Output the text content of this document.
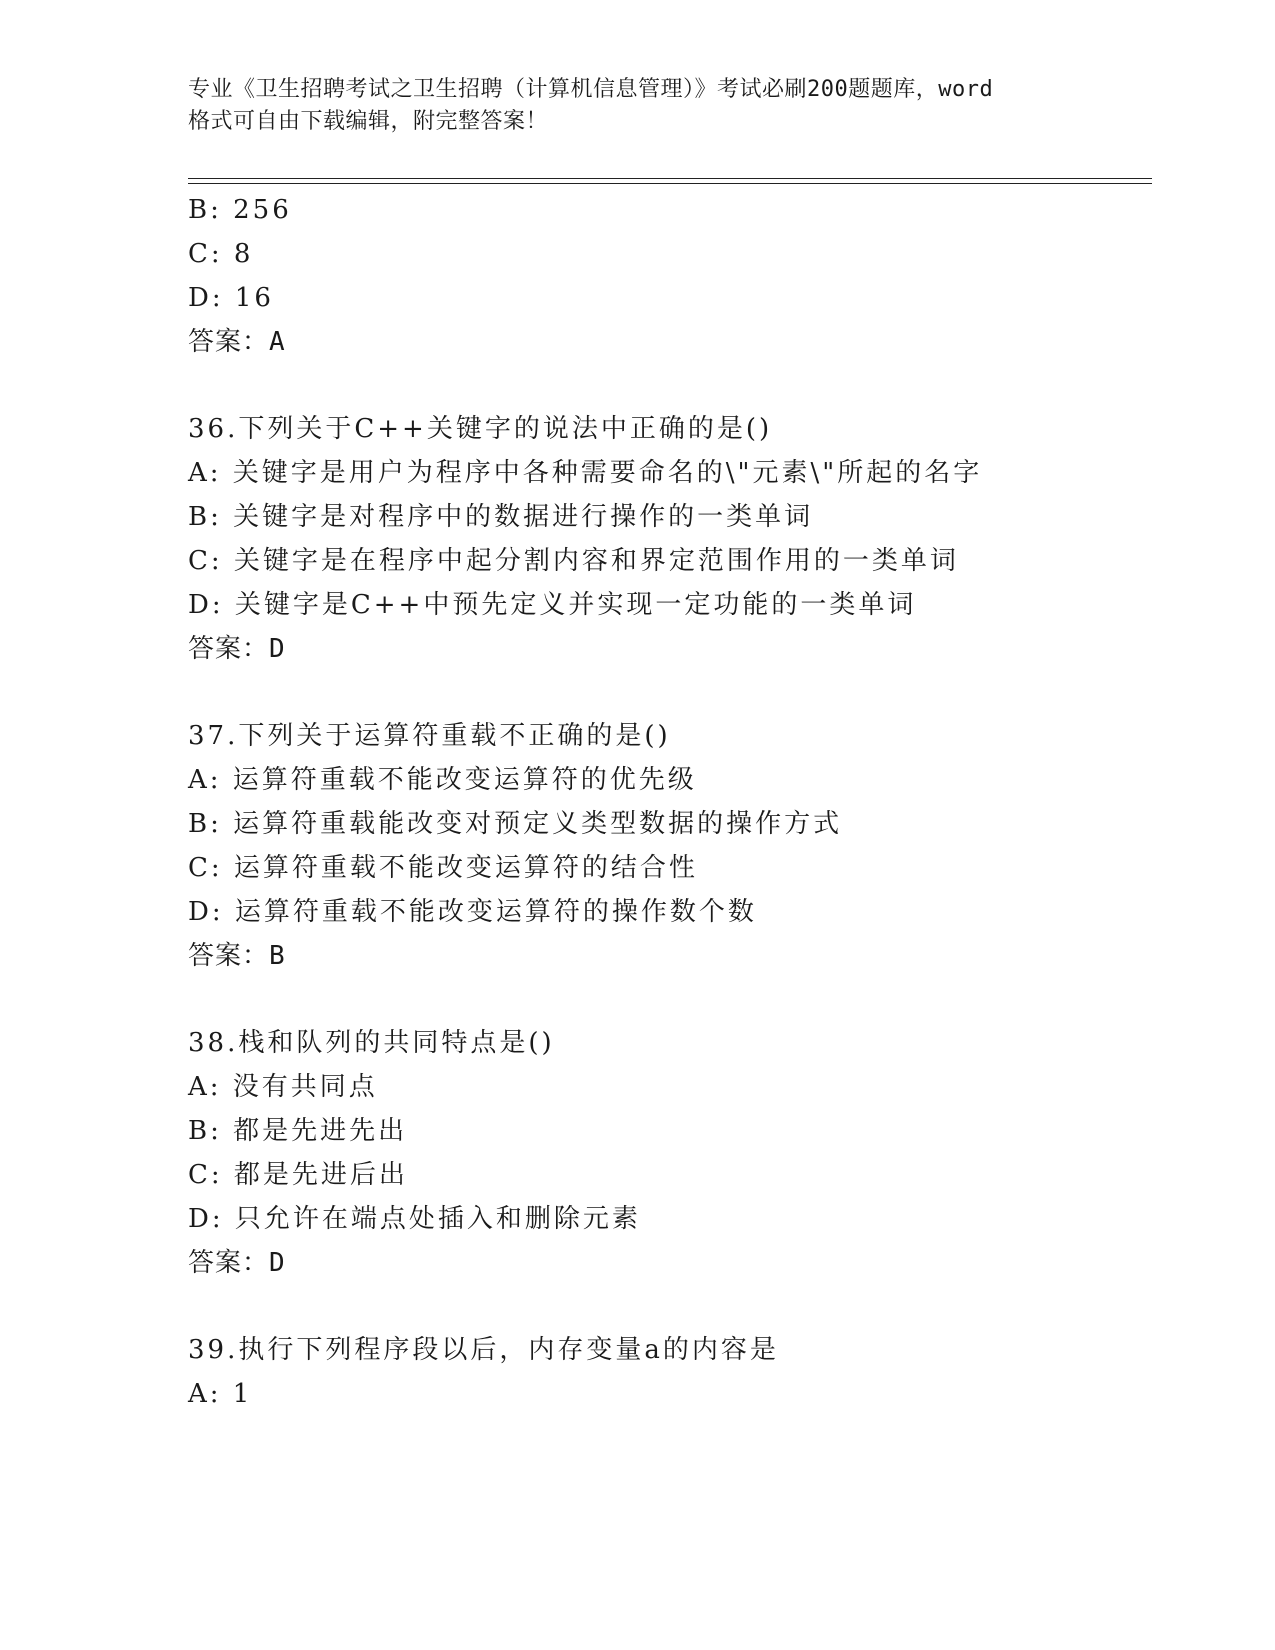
专业《卫生招聘考试之卫生招聘（计算机信息管理）》考试必刷200题题库，word
格式可自由下载编辑，附完整答案！
B: 256
C: 8
D: 16
答案：A
36.下列关于C++关键字的说法中正确的是()
A: 关键字是用户为程序中各种需要命名的\"元素\"所起的名字
B: 关键字是对程序中的数据进行操作的一类单词
C: 关键字是在程序中起分割内容和界定范围作用的一类单词
D: 关键字是C++中预先定义并实现一定功能的一类单词
答案：D
37.下列关于运算符重载不正确的是()
A: 运算符重载不能改变运算符的优先级
B: 运算符重载能改变对预定义类型数据的操作方式
C: 运算符重载不能改变运算符的结合性
D: 运算符重载不能改变运算符的操作数个数
答案：B
38.栈和队列的共同特点是()
A: 没有共同点
B: 都是先进先出
C: 都是先进后出
D: 只允许在端点处插入和删除元素
答案：D
39.执行下列程序段以后，内存变量a的内容是
A: 1
